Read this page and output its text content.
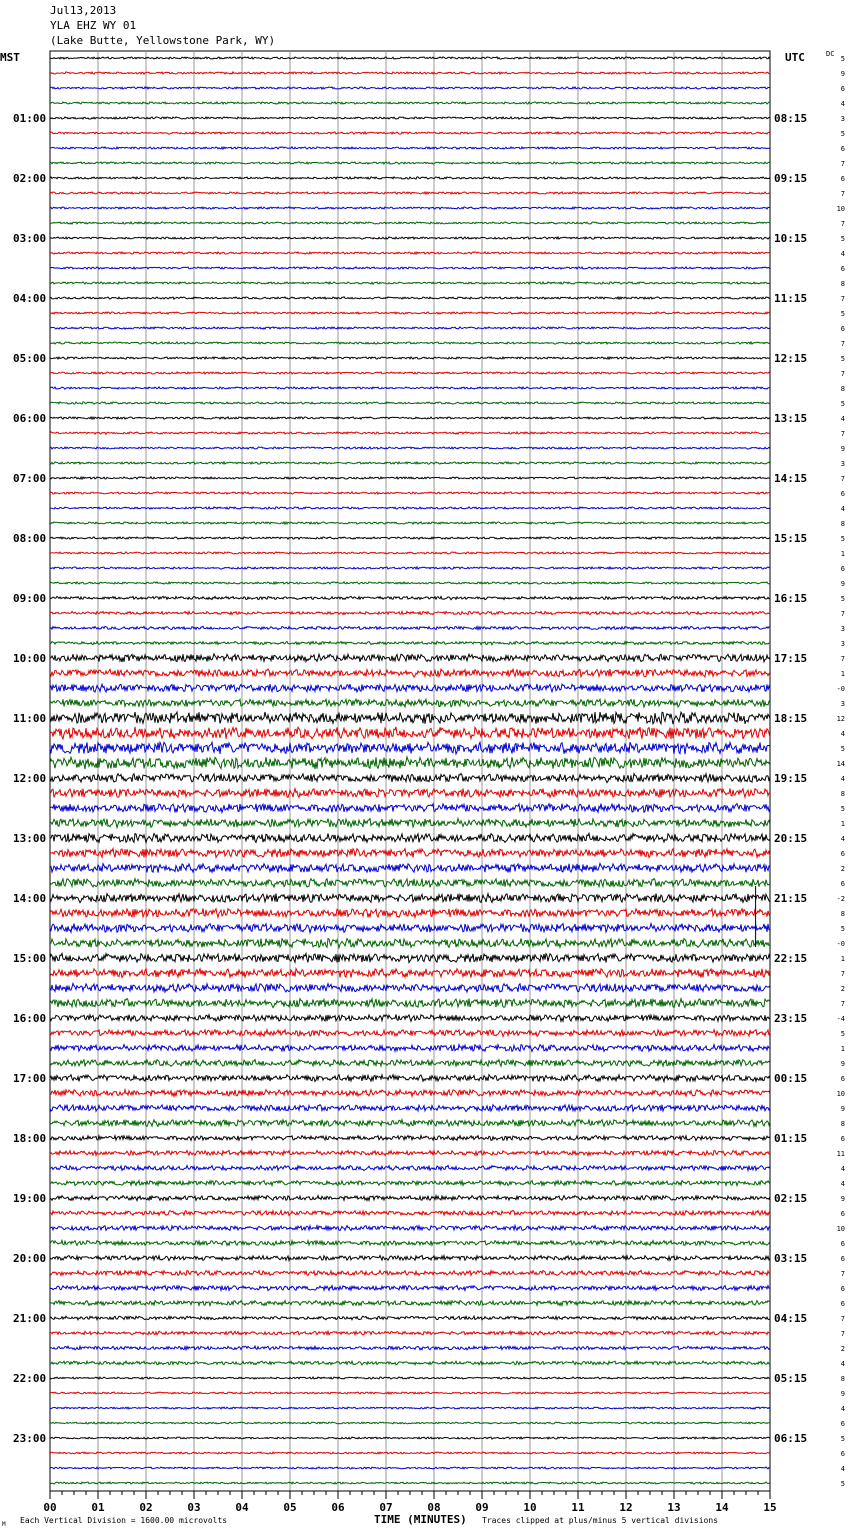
Jul13,2013
YLA EHZ WY 01
(Lake Butte, Yellowstone Park, WY)
00	01	02	03	04	05	06	07	08	09	10	11	12	13	14	15
01:00
02:00
03:00
04:00
05:00
06:00
07:00
08:00
09:00
10:00
11:00
12:00
13:00
14:00
15:00
16:00
17:00
18:00
19:00
20:00
21:00
22:00
23:00
08:15
09:15
10:15
11:15
12:15
13:15
14:15
15:15
16:15
17:15
18:15
19:15
20:15
21:15
22:15
23:15
00:15
01:15
02:15
03:15
04:15
05:15
06:15
5
9
6
4
3
5
6
7
6
7
10
7
5
4
6
8
7
5
6
7
5
7
8
5
4
7
9
3
7
6
4
8
5
1
6
9
5
7
3
3
7
1
-0
3
12
4
5
14
4
8
5
1
4
6
2
6
-2
8
5
-0
1
7
2
7
-4
5
1
9
6
10
9
8
6
11
4
4
9
6
10
6
6
7
6
6
7
7
2
4
8
9
4
6
5
6
4
5
MST	UTC	DC
TIME (MINUTES)
Each Vertical Division = 1600.00 microvolts	Traces clipped at plus/minus 5 vertical divisions
M
